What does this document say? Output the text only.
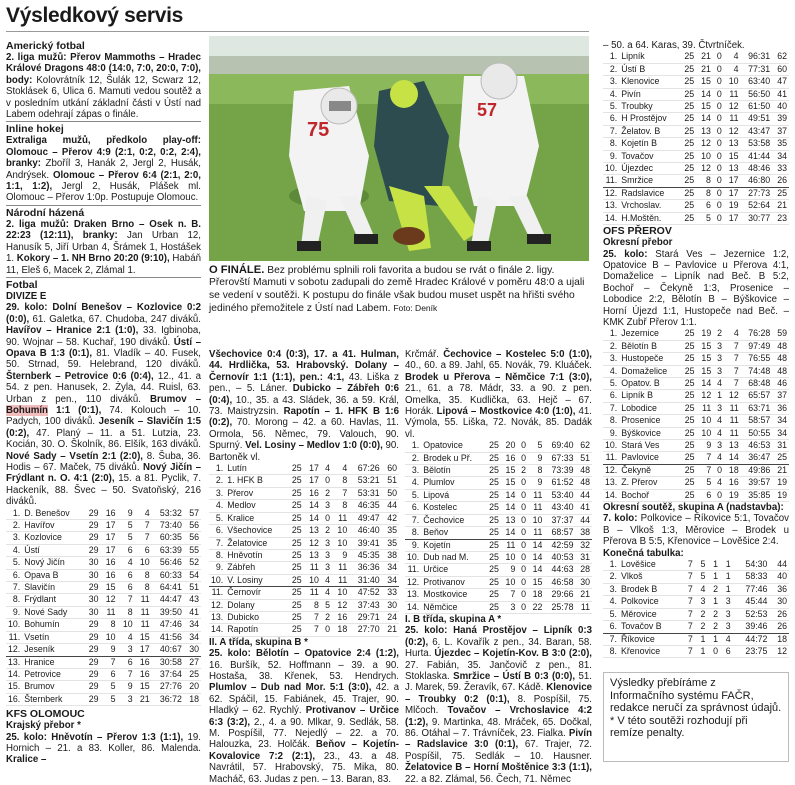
Výsledkový servis
Americký fotbal
2. liga mužů: Přerov Mammoths – Hradec Králové Dragons 48:0 (14:0, 7:0, 20:0, 7:0), body: Kolovrátník 12, Šulák 12, Scwarz 12, Stoklásek 6, Ulica 6. Mamuti vedou soutěž a v posledním utkání základní části v Ústí nad Labem odehrají zápas o finále.
Inline hokej
Extraliga mužů, předkolo play-off: Olomouc – Přerov 4:9 (2:1, 0:2, 0:2, 2:4), branky: Zboříl 3, Hanák 2, Jergl 2, Husák, Andrýsek. Olomouc – Přerov 6:4 (2:1, 2:0, 1:1, 1:2), Jergl 2, Husák, Plášek ml. Olomouc – Přerov 1:0p. Postupuje Olomouc.
Národní házená
2. liga mužů: Draken Brno – Osek n. B. 22:23 (12:11), branky: Jan Urban 12, Hanusík 5, Jiří Urban 4, Šrámek 1, Hostášek 1. Kokory – 1. NH Brno 20:20 (9:10), Habáň 11, Eleš 6, Macek 2, Zlámal 1.
Fotbal
DIVIZE E
29. kolo: Dolní Benešov – Kozlovice 0:2 (0:0), 61. Galetka, 67. Chudoba, 247 diváků. Havířov – Hranice 2:1 (1:0), 33. Igbinoba, 90. Wojnar – 58. Kuchař, 190 diváků. Ústí – Opava B 1:3 (0:1), 81. Vladík – 40. Fusek, 50. Strnad, 59. Helebrand, 120 diváků. Šternberk – Petrovice 0:6 (0:4), 12., 41. a 54. z pen. Hanusek, 2. Żyla, 44. Ruisl, 63. Urban z pen., 110 diváků. Brumov – Bohumín 1:1 (0:1), 74. Kolouch – 10. Padych, 100 diváků. Jeseník – Slavičín 1:5 (0:2), 47. Planý – 11. a 51. Lutzia, 23. Kocián, 30. O. Školník, 86. Elšík, 163 diváků. Nové Sady – Vsetín 2:1 (2:0), 8. Šuba, 36. Hodis – 67. Maček, 75 diváků. Nový Jičín – Frýdlant n. O. 4:1 (2:0), 15. a 81. Pyclik, 7. Hackeník, 88. Švec – 50. Svatoňský, 216 diváků.
1.	D. Benešov	29	16	9	4	53:32	57
2.	Havířov	29	17	5	7	73:40	56
3.	Kozlovice	29	17	5	7	60:35	56
4.	Ústí	29	17	6	6	63:39	55
5.	Nový Jičín	30	16	4	10	56:46	52
6.	Opava B	30	16	6	8	60:33	54
7.	Slavičín	29	15	6	8	64:41	51
8.	Frýdlant	30	12	7	11	44:47	43
9.	Nové Sady	30	11	8	11	39:50	41
10.	Bohumín	29	8	10	11	47:46	34
11.	Vsetín	29	10	4	15	41:56	34
12.	Jeseník	29	9	3	17	40:67	30
13.	Hranice	29	7	6	16	30:58	27
14.	Petrovice	29	6	7	16	37:64	25
15.	Brumov	29	5	9	15	27:76	20
16.	Šternberk	29	5	3	21	36:72	18
KFS OLOMOUC
Krajský přebor *
25. kolo: Hněvotín – Přerov 1:3 (1:1), 19. Hornich – 21. a 83. Koller, 86. Malenda. Kralice –
75
57
O FINÁLE. Bez problému splnili roli favorita a budou se rvát o finále 2. ligy. Přerovští Mamuti v sobotu zadupali do země Hradec Králové v poměru 48:0 a ujali se vedení v soutěži. K postupu do finále však budou muset uspět na hřišti svého jediného přemožitele z Ústí nad Labem. Foto: Deník
Všechovice 0:4 (0:3), 17. a 41. Hulman, 44. Hrdlička, 53. Hrabovský. Dolany – Černovír 1:1 (1:1), pen.: 4:1, 43. Liška z pen., – 5. Láner. Dubicko – Zábřeh 0:6 (0:4), 10., 35. a 43. Sládek, 36. a 59. Král, 73. Maistryzsin. Rapotín – 1. HFK B 1:6 (0:2), 70. Morong – 42. a 60. Havlas, 11. Ormola, 56. Němec, 79. Valouch, 90. Spurný. Vel. Losiny – Medlov 1:0 (0:0), 90. Bartoněk vl.
1.	Lutín	25	17	4	4	67:26	60
2.	1. HFK B	25	17	0	8	53:21	51
3.	Přerov	25	16	2	7	53:31	50
4.	Medlov	25	14	3	8	46:35	44
5.	Kralice	25	14	0	11	49:47	42
6.	Všechovice	25	13	2	10	46:40	35
7.	Želatovice	25	12	3	10	39:41	35
8.	Hněvotín	25	13	3	9	45:35	38
9.	Zábřeh	25	11	3	11	36:36	34
10.	V. Losiny	25	10	4	11	31:40	34
11.	Černovír	25	11	4	10	47:52	33
12.	Dolany	25	8	5	12	37:43	30
13.	Dubicko	25	7	2	16	29:71	24
14.	Rapotín	25	7	0	18	27:70	21
II. A třída, skupina B *
25. kolo: Bělotín – Opatovice 2:4 (1:2), 16. Buršík, 52. Hoffmann – 39. a 90. Hostaša, 38. Křenek, 53. Hendrych. Plumlov – Dub nad Mor. 5:1 (3:0), 42. a 62. Spáčil, 15. Fabiánek, 45. Trajer, 90. Hladký – 62. Rychlý. Protivanov – Určice 6:3 (3:2), 2., 4. a 90. Mlkar, 9. Sedlák, 58. M. Pospíšil, 77. Nejedlý – 22. a 70. Halouzka, 23. Holčák. Beňov – Kojetín-Kovalovice 7:2 (2:1), 23., 43. a 48. Navrátil, 57. Hrabovský, 75. Mika, 80. Macháč, 63. Judas z pen. – 13. Baran, 83.
Krčmář. Čechovice – Kostelec 5:0 (1:0), 40., 60. a 89. Jahl, 65. Novák, 79. Kluáček. Brodek u Přerova – Němčice 7:1 (3:0), 21., 61. a 78. Mádr, 33. a 90. z pen. Omelka, 35. Kudlička, 63. Hejč – 67. Horák. Lipová – Mostkovice 4:0 (1:0), 41. Výmola, 55. Liška, 72. Novák, 85. Dadák vl.
1.	Opatovice	25	20	0	5	69:40	62
2.	Brodek u Př.	25	16	0	9	67:33	51
3.	Bělotín	25	15	2	8	73:39	48
4.	Plumlov	25	15	0	9	61:52	48
5.	Lipová	25	14	0	11	53:40	44
6.	Kostelec	25	14	0	11	43:40	41
7.	Čechovice	25	13	0	10	37:37	44
8.	Beňov	25	14	0	11	68:57	38
9.	Kojetín	25	11	0	14	42:59	32
10.	Dub nad M.	25	10	0	14	40:53	31
11.	Určice	25	9	0	14	44:63	28
12.	Protivanov	25	10	0	15	46:58	30
13.	Mostkovice	25	7	0	18	29:66	21
14.	Němčice	25	3	0	22	25:78	11
I. B třída, skupina A *
25. kolo: Haná Prostějov – Lipník 0:3 (0:2), 6. L. Kovařík z pen., 34. Baran, 58. Hurta. Újezdec – Kojetín-Kov. B 3:0 (2:0), 27. Fabián, 35. Jančovič z pen., 81. Stoklaska. Smržice – Ústí B 0:3 (0:0), 51. J. Marek, 59. Žeravík, 67. Kádě. Klenovice – Troubky 0:2 (0:1), 8. Pospíšil, 75. Mlčoch. Tovačov – Vrchoslavice 4:2 (1:2), 9. Martinka, 48. Mráček, 65. Dočkal, 86. Otáhal – 7. Trávníček, 23. Fialka. Pivín – Radslavice 3:0 (0:1), 67. Trajer, 72. Pospíšil, 75. Sedlák – 10. Hausner. Želatovice B – Horní Moštěnice 3:3 (1:1), 22. a 82. Zlámal, 56. Čech, 71. Němec
– 50. a 64. Karas, 39. Čtvrtníček.
1.	Lipník	25	21	0	4	96:31	62
2.	Ústí B	25	21	0	4	77:31	60
3.	Klenovice	25	15	0	10	63:40	47
4.	Pivín	25	14	0	11	56:50	41
5.	Troubky	25	15	0	12	61:50	40
6.	H Prostějov	25	14	0	11	49:51	39
7.	Želatov. B	25	13	0	12	43:47	37
8.	Kojetín B	25	12	0	13	53:58	35
9.	Tovačov	25	10	0	15	41:44	34
10.	Újezdec	25	12	0	13	48:46	33
11.	Smržice	25	8	0	17	46:80	26
12.	Radslavice	25	8	0	17	27:73	25
13.	Vrchoslav.	25	6	0	19	52:64	21
14.	H.Moštěn.	25	5	0	17	30:77	23
OFS PŘEROV
Okresní přebor
25. kolo: Stará Ves – Jezernice 1:2, Opatovice B – Pavlovice u Přerova 4:1, Domaželice – Lipník nad Beč. B 5:2, Bochoř – Čekyně 1:3, Prosenice – Lobodice 2:2, Bělotín B – Býškovice – Horní Újezd 1:1, Hustopeče nad Beč. – KMK Zubř Přerov 1:1.
1.	Jezernice	25	19	2	4	76:28	59
2.	Bělotín B	25	15	3	7	97:49	48
3.	Hustopeče	25	15	3	7	76:55	48
4.	Domaželice	25	15	3	7	74:48	48
5.	Opatov. B	25	14	4	7	68:48	46
6.	Lipník B	25	12	1	12	65:57	37
7.	Lobodice	25	11	3	11	63:71	36
8.	Prosenice	25	10	4	11	58:57	34
9.	Býškovice	25	10	4	11	50:55	34
10.	Stará Ves	25	9	3	13	46:53	31
11.	Pavlovice	25	7	4	14	36:47	25
12.	Čekyně	25	7	0	18	49:86	21
13.	Z. Přerov	25	5	4	16	39:57	19
14.	Bochoř	25	6	0	19	35:85	19
Okresní soutěž, skupina A (nadstavba):
7. kolo: Polkovice – Říkovice 5:1, Tovačov B – Vlkoš 1:3, Měrovice – Brodek u Přerova B 5:5, Křenovice – Lověšice 2:4.
Konečná tabulka:
1.	Lověšice	7	5	1	1	54:30	44
2.	Vlkoš	7	5	1	1	58:33	40
3.	Brodek B	7	4	2	1	77:46	36
4.	Polkovice	7	3	1	3	45:44	30
5.	Měrovice	7	2	2	3	52:53	26
6.	Tovačov B	7	2	2	3	39:46	26
7.	Říkovice	7	1	1	4	44:72	18
8.	Křenovice	7	1	0	6	23:75	12
Výsledky přebíráme z Informačního systému FAČR, redakce neručí za správnost údajů.
* V této soutěži rozhodují při remíze penalty.
